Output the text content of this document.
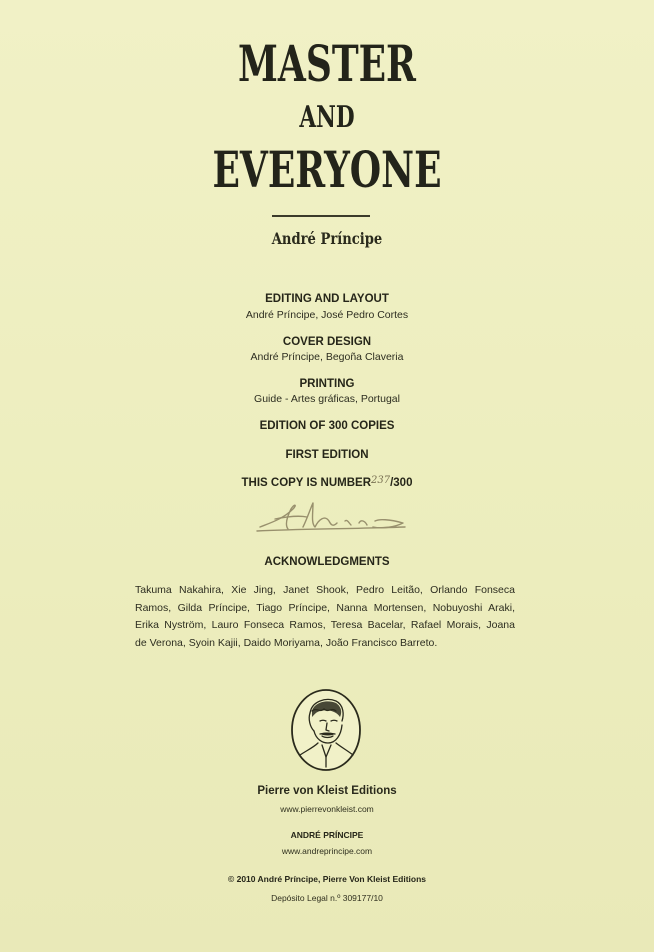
MASTER
AND
EVERYONE
André Príncipe
EDITING AND LAYOUT
André Príncipe, José Pedro Cortes
COVER DESIGN
André Príncipe, Begoña Claveria
PRINTING
Guide - Artes gráficas, Portugal
EDITION OF 300 COPIES
FIRST EDITION
THIS COPY IS NUMBER237/300
ACKNOWLEDGMENTS
Takuma Nakahira, Xie Jing, Janet Shook, Pedro Leitão, Orlando Fonseca
Ramos, Gilda Príncipe, Tiago Príncipe, Nanna Mortensen, Nobuyoshi Araki,
Erika Nyström, Lauro Fonseca Ramos, Teresa Bacelar, Rafael Morais, Joana
de Verona, Syoin Kajii, Daido Moriyama, João Francisco Barreto.
Pierre von Kleist Editions
www.pierrevonkleist.com
ANDRÉ PRÍNCIPE
www.andreprincipe.com
© 2010 André Príncipe, Pierre Von Kleist Editions
Depósito Legal n.º 309177/10
